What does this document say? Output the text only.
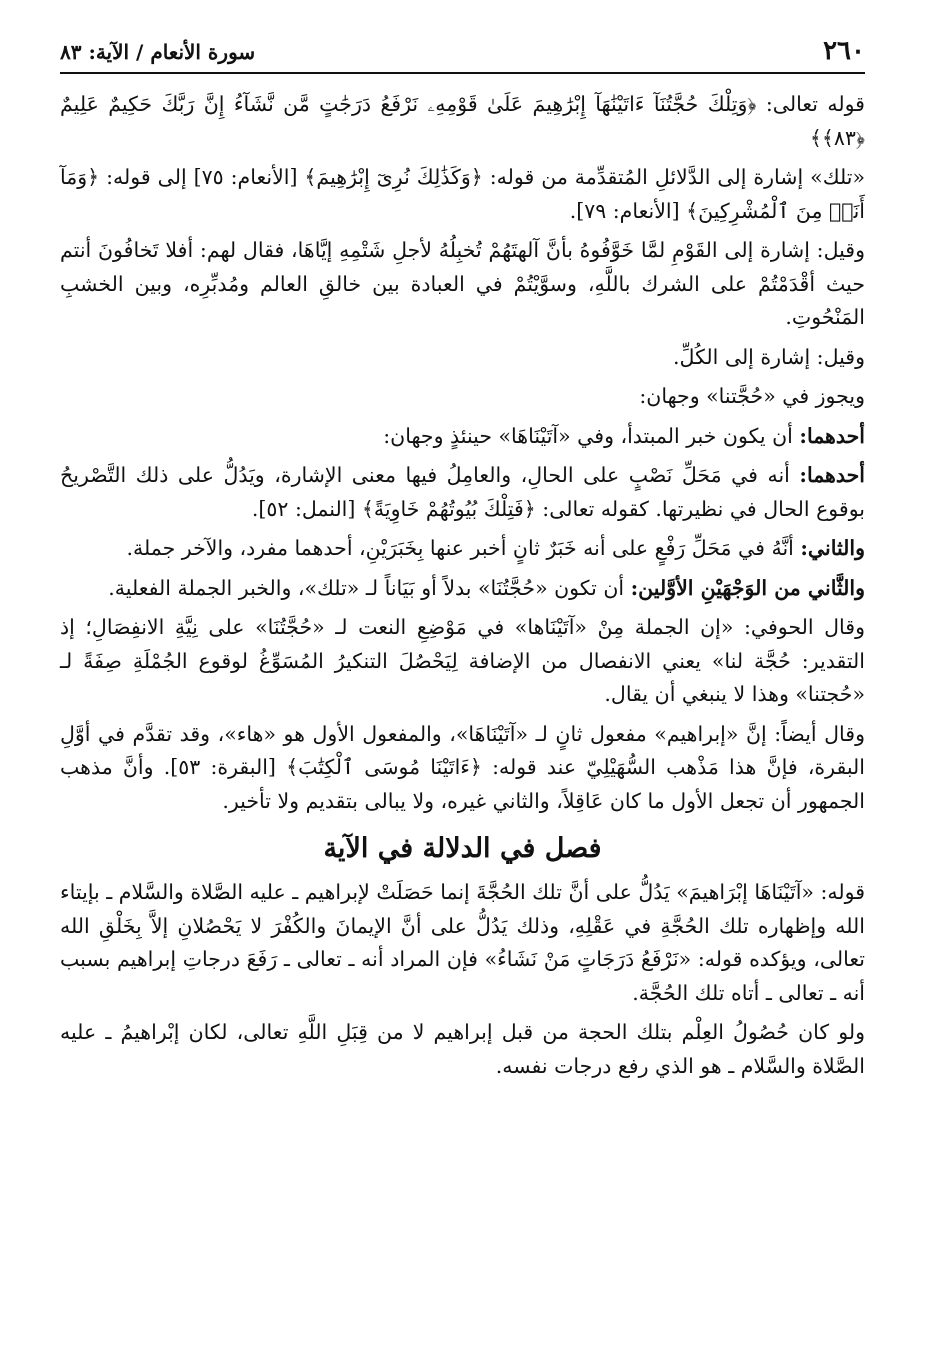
٢٦٠
سورة الأنعام / الآية: ٨٣

قوله تعالى: ﴿وَتِلْكَ حُجَّتُنَآ ءَاتَيْنَٰهَآ إِبْرَٰهِيمَ عَلَىٰ قَوْمِهِۦ نَرْفَعُ دَرَجَٰتٍ مَّن نَّشَآءُ إِنَّ رَبَّكَ حَكِيمٌ عَلِيمٌ ﴿٨٣﴾﴾

«تلك» إشارة إلى الدَّلائلِ المُتقدِّمة من قوله: ﴿وَكَذَٰلِكَ نُرِىٓ إِبْرَٰهِيمَ﴾ [الأنعام: ٧٥] إلى قوله: ﴿وَمَآ أَنَا۠ مِنَ ٱلْمُشْرِكِينَ﴾ [الأنعام: ٧٩].

وقيل: إشارة إلى القَوْمِ لمَّا خَوَّفُوهُ بأنَّ آلهتَهُمْ تُخبِلُهُ لأجلِ شَتْمِهِ إيَّاهَا، فقال لهم: أفلا تَخافُونَ أنتم حيث أقْدَمْتُمْ على الشرك باللَّهِ، وسوَّيْتُمْ في العبادة بين خالقِ العالم ومُدبِّرِه، وبين الخشبِ المَنْحُوتِ.

وقيل: إشارة إلى الكُلِّ.

ويجوز في «حُجَّتنا» وجهان:

أحدهما: أن يكون خبر المبتدأ، وفي «آتَيْنَاهَا» حينئذٍ وجهان:

أحدهما: أنه في مَحَلِّ نَصْبٍ على الحالِ، والعامِلُ فيها معنى الإشارة، ويَدُلُّ على ذلك التَّصْريحُ بوقوع الحال في نظيرتها. كقوله تعالى: ﴿فَتِلْكَ بُيُوتُهُمْ خَاوِيَةً﴾ [النمل: ٥٢].

والثاني: أنَّهُ في مَحَلِّ رَفْعٍ على أنه خَبَرٌ ثانٍ أخبر عنها بِخَبَرَيْنِ، أحدهما مفرد، والآخر جملة.

والثَّاني من الوَجْهَيْنِ الأوَّلين: أن تكون «حُجَّتُنَا» بدلاً أو بَيَاناً لـ «تلك»، والخبر الجملة الفعلية.

وقال الحوفي: «إن الجملة مِنْ «آتَيْنَاها» في مَوْضِعِ النعت لـ «حُجَّتُنَا» على نِيَّةِ الانفِصَالِ؛ إذ التقدير: حُجَّة لنا» يعني الانفصال من الإضافة لِيَحْصُلَ التنكيرُ المُسَوِّغُ لوقوع الجُمْلَةِ صِفَةً لـ «حُجتنا» وهذا لا ينبغي أن يقال.

وقال أيضاً: إنَّ «إبراهيم» مفعول ثانٍ لـ «آتَيْنَاهَا»، والمفعول الأول هو «هاء»، وقد تقدَّم في أوَّلِ البقرة، فإنَّ هذا مَذْهب السُّهَيْلِيّ عند قوله: ﴿ءَاتَيْنَا مُوسَى ٱلْكِتَٰبَ﴾ [البقرة: ٥٣]. وأنَّ مذهب الجمهور أن تجعل الأول ما كان عَاقِلاً، والثاني غيره، ولا يبالى بتقديم ولا تأخير.

فصل في الدلالة في الآية

قوله: «آتَيْنَاهَا إبْرَاهيمَ» يَدُلُّ على أنَّ تلك الحُجَّةَ إنما حَصَلَتْ لإبراهيم ـ عليه الصَّلاة والسَّلام ـ بإيتاء الله وإظهاره تلك الحُجَّةِ في عَقْلِهِ، وذلك يَدُلُّ على أنَّ الإيمانَ والكُفْرَ لا يَحْصُلانِ إلاَّ بِخَلْقِ الله تعالى، ويؤكده قوله: «نَرْفَعُ دَرَجَاتٍ مَنْ نَشَاءُ» فإن المراد أنه ـ تعالى ـ رَفَعَ درجاتِ إبراهيم بسبب أنه ـ تعالى ـ أتاه تلك الحُجَّة.

ولو كان حُصُولُ العِلْم بتلك الحجة من قبل إبراهيم لا من قِبَلِ اللَّهِ تعالى، لكان إبْراهيمُ ـ عليه الصَّلاة والسَّلام ـ هو الذي رفع درجات نفسه.
